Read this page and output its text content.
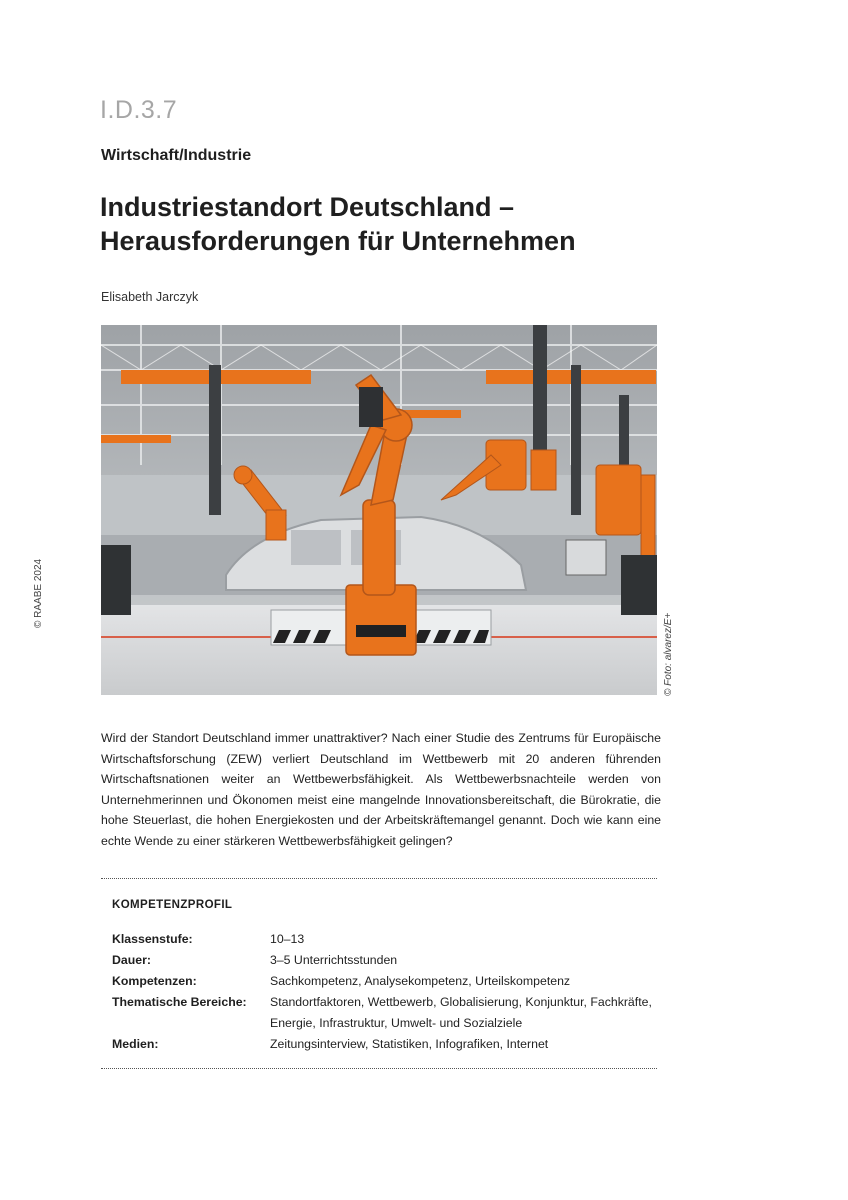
I.D.3.7
Wirtschaft/Industrie
Industriestandort Deutschland –
Herausforderungen für Unternehmen
Elisabeth Jarczyk
© RAABE 2024
© Foto: alvarez/E+
Wird der Standort Deutschland immer unattraktiver? Nach einer Studie des Zentrums für Europäische Wirtschaftsforschung (ZEW) verliert Deutschland im Wettbewerb mit 20 anderen führenden Wirtschaftsnationen weiter an Wettbewerbsfähigkeit. Als Wettbewerbsnachteile werden von Unternehmerinnen und Ökonomen meist eine mangelnde Innovationsbereitschaft, die Bürokratie, die hohe Steuerlast, die hohen Energiekosten und der Arbeitskräftemangel genannt. Doch wie kann eine echte Wende zu einer stärkeren Wettbewerbsfähigkeit gelingen?
KOMPETENZPROFIL
Klassenstufe:	10–13
Dauer:	3–5 Unterrichtsstunden
Kompetenzen:	Sachkompetenz, Analysekompetenz, Urteilskompetenz
Thematische Bereiche:	Standortfaktoren, Wettbewerb, Globalisierung, Konjunktur, Fachkräfte, Energie, Infrastruktur, Umwelt- und Sozialziele
Medien:	Zeitungsinterview, Statistiken, Infografiken, Internet
